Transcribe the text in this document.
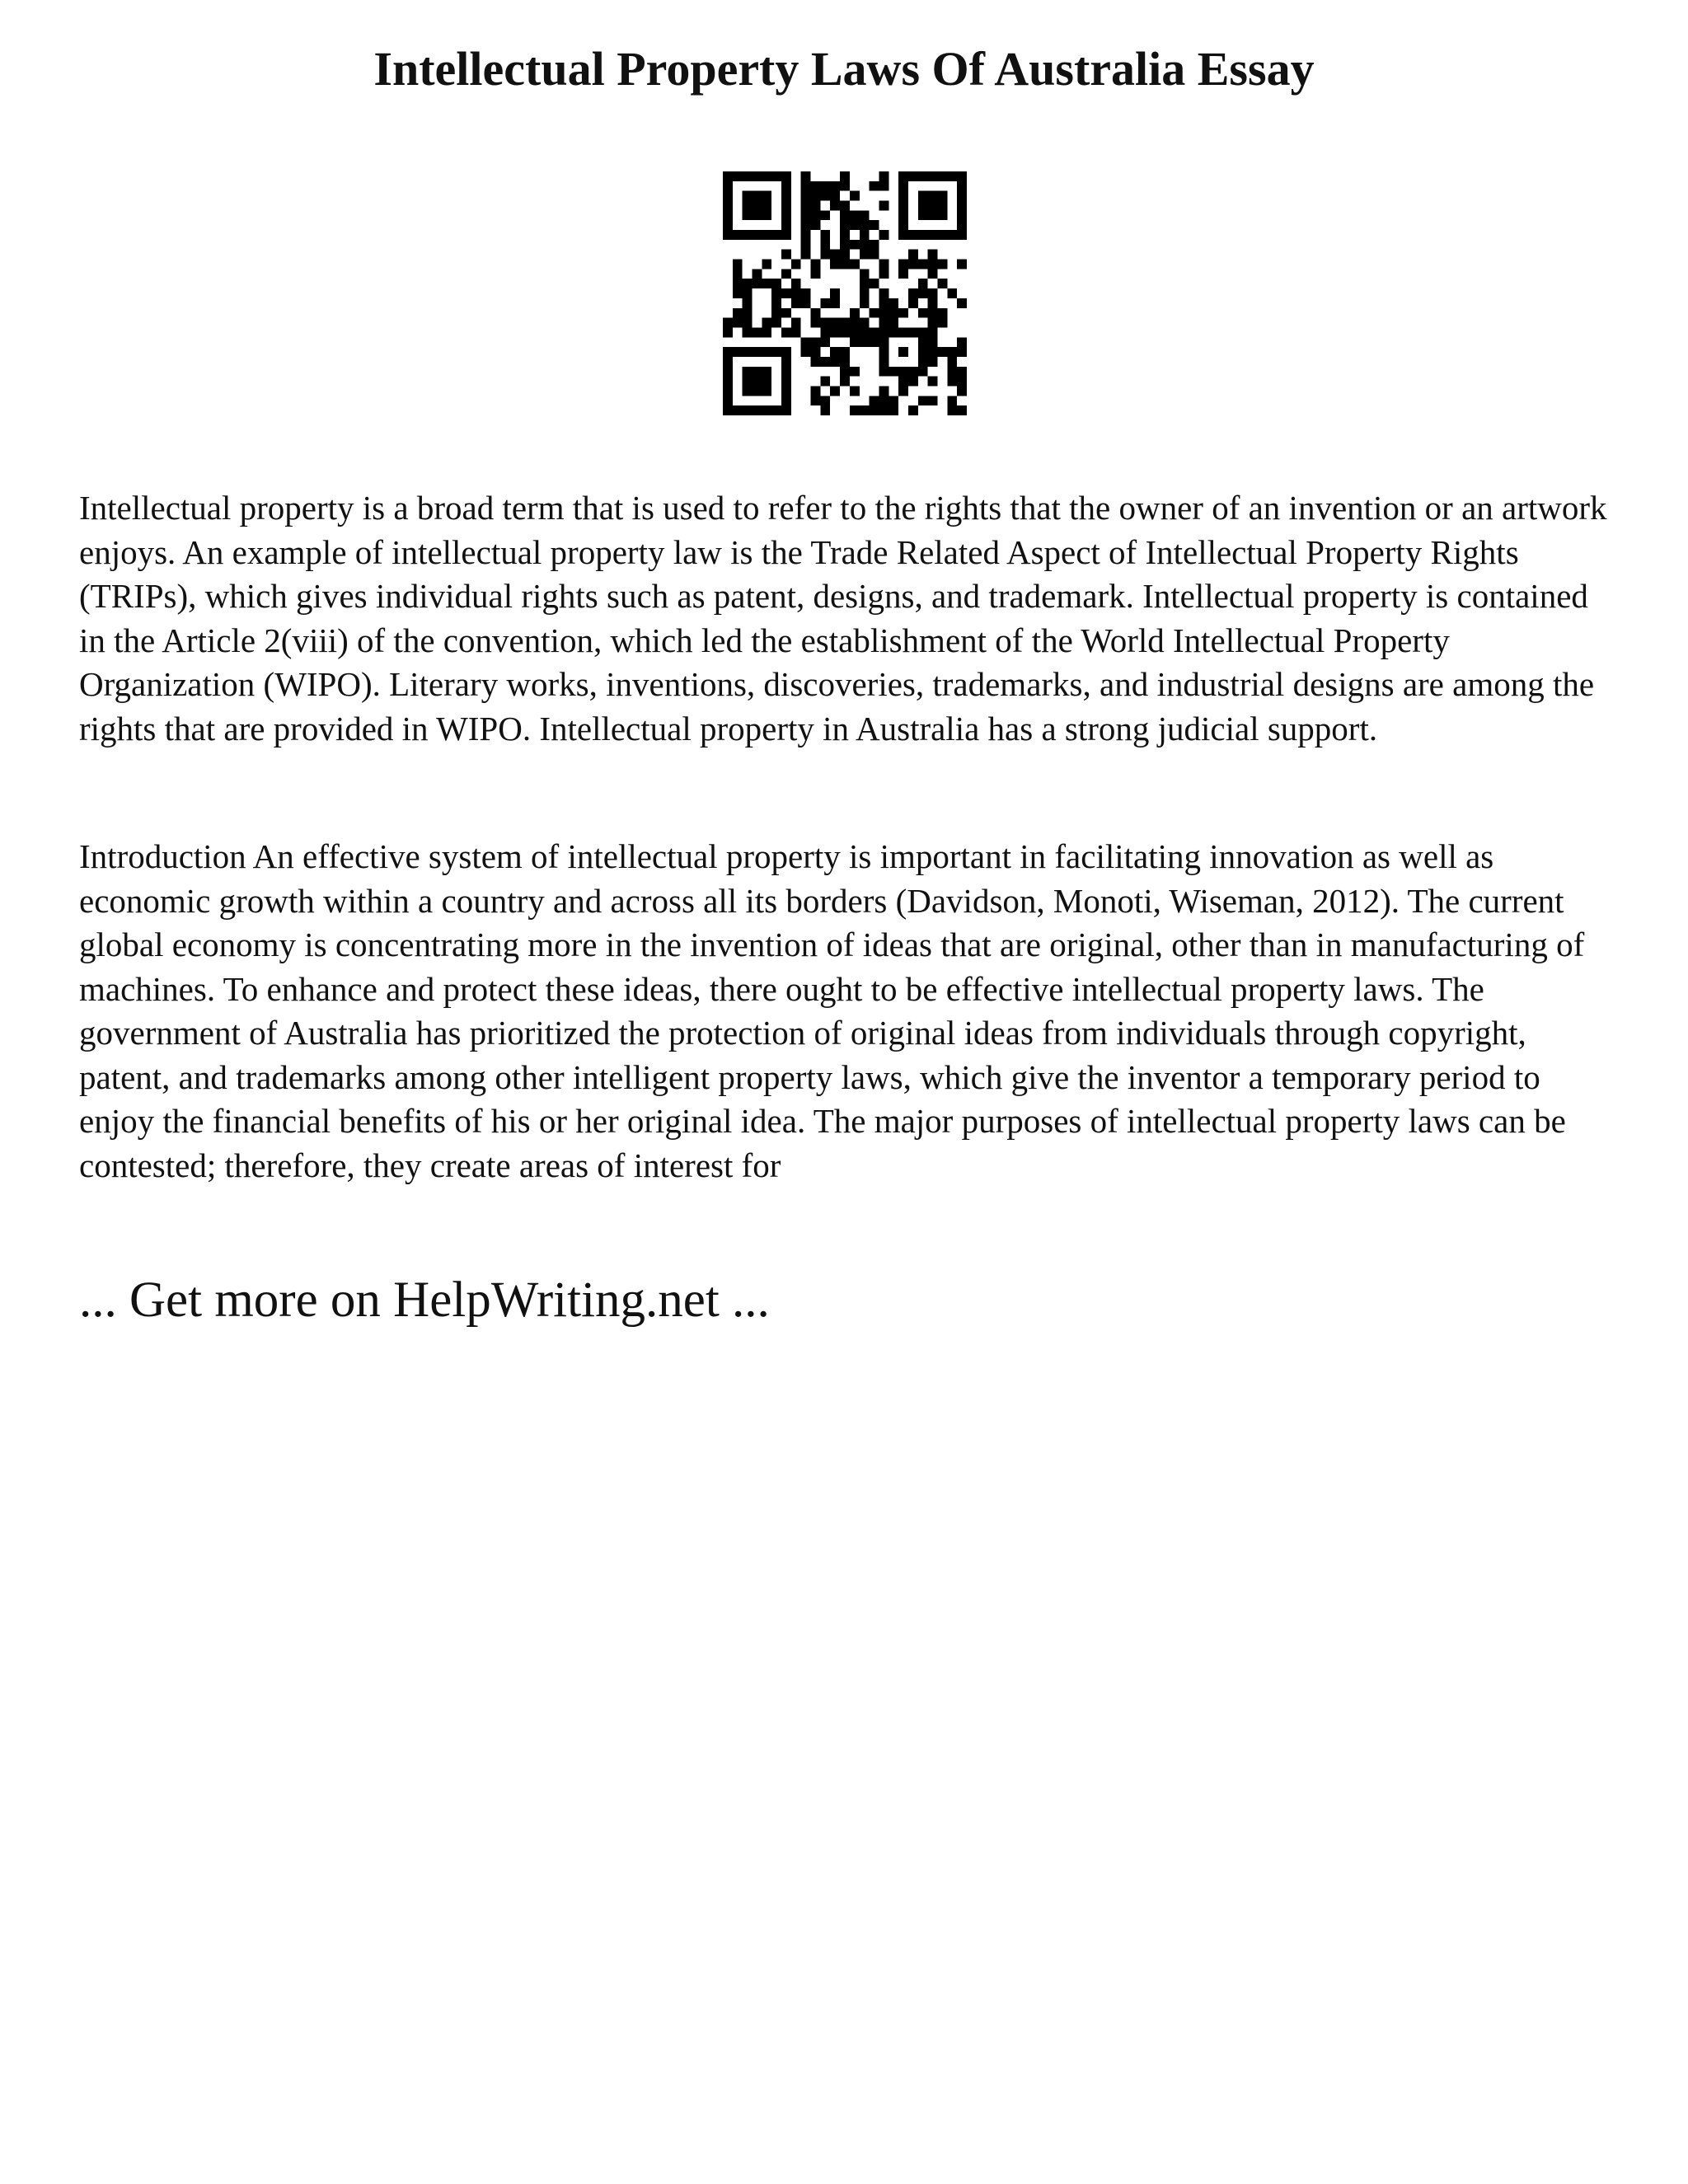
Intellectual Property Laws Of Australia Essay

Intellectual property is a broad term that is used to refer to the rights that the owner of an invention or an artwork enjoys. An example of intellectual property law is the Trade Related Aspect of Intellectual Property Rights (TRIPs), which gives individual rights such as patent, designs, and trademark. Intellectual property is contained in the Article 2(viii) of the convention, which led the establishment of the World Intellectual Property Organization (WIPO). Literary works, inventions, discoveries, trademarks, and industrial designs are among the rights that are provided in WIPO. Intellectual property in Australia has a strong judicial support.

Introduction An effective system of intellectual property is important in facilitating innovation as well as economic growth within a country and across all its borders (Davidson, Monoti, Wiseman, 2012). The current global economy is concentrating more in the invention of ideas that are original, other than in manufacturing of machines. To enhance and protect these ideas, there ought to be effective intellectual property laws. The government of Australia has prioritized the protection of original ideas from individuals through copyright, patent, and trademarks among other intelligent property laws, which give the inventor a temporary period to enjoy the financial benefits of his or her original idea. The major purposes of intellectual property laws can be contested; therefore, they create areas of interest for

... Get more on HelpWriting.net ...
